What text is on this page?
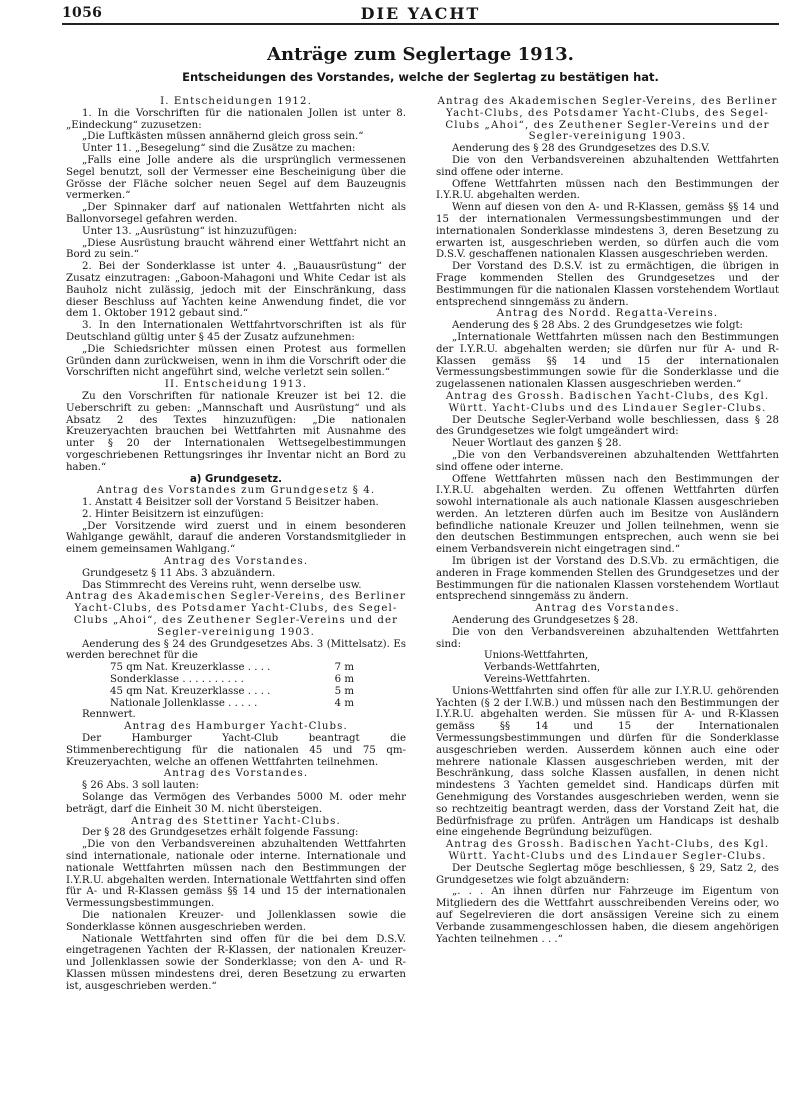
1056	DIE YACHT
Anträge zum Seglertage 1913.
Entscheidungen des Vorstandes, welche der Seglertag zu bestätigen hat.

I. Entscheidungen 1912.

1. In die Vorschriften für die nationalen Jollen ist unter 8. „Eindeckung“ zuzusetzen:

„Die Luftkästen müssen annähernd gleich gross sein.“

Unter 11. „Besegelung“ sind die Zusätze zu machen:

„Falls eine Jolle andere als die ursprünglich vermessenen Segel benutzt, soll der Vermesser eine Bescheinigung über die Grösse der Fläche solcher neuen Segel auf dem Bauzeugnis vermerken.“

„Der Spinnaker darf auf nationalen Wettfahrten nicht als Ballonvorsegel gefahren werden.

Unter 13. „Ausrüstung“ ist hinzuzufügen:

„Diese Ausrüstung braucht während einer Wettfahrt nicht an Bord zu sein.“

2. Bei der Sonderklasse ist unter 4. „Bauausrüstung“ der Zusatz einzutragen: „Gaboon-Mahagoni und White Cedar ist als Bauholz nicht zulässig, jedoch mit der Einschränkung, dass dieser Beschluss auf Yachten keine Anwendung findet, die vor dem 1. Oktober 1912 gebaut sind.“

3. In den Internationalen Wettfahrtvorschriften ist als für Deutschland gültig unter § 45 der Zusatz aufzunehmen:

„Die Schiedsrichter müssen einen Protest aus formellen Gründen dann zurückweisen, wenn in ihm die Vorschrift oder die Vorschriften nicht angeführt sind, welche verletzt sein sollen.“

II. Entscheidung 1913.

Zu den Vorschriften für nationale Kreuzer ist bei 12. die Ueberschrift zu geben: „Mannschaft und Ausrüstung“ und als Absatz 2 des Textes hinzuzufügen: „Die nationalen Kreuzeryachten brauchen bei Wettfahrten mit Ausnahme des unter § 20 der Internationalen Wettsegelbestimmungen vorgeschriebenen Rettungsringes ihr Inventar nicht an Bord zu haben.“

a) Grundgesetz.

Antrag des Vorstandes zum Grundgesetz § 4.

1. Anstatt 4 Beisitzer soll der Vorstand 5 Beisitzer haben.

2. Hinter Beisitzern ist einzufügen:

„Der Vorsitzende wird zuerst und in einem besonderen Wahlgange gewählt, darauf die anderen Vorstandsmitglieder in einem gemeinsamen Wahlgang.“

Antrag des Vorstandes.

Grundgesetz § 11 Abs. 3 abzuändern.

Das Stimmrecht des Vereins ruht, wenn derselbe usw.

Antrag des Akademischen Segler-Vereins, des Berliner Yacht-Clubs, des Potsdamer Yacht-Clubs, des Segel-Clubs „Ahoi“, des Zeuthener Segler-Vereins und der Segler-vereinigung 1903.

Aenderung des § 24 des Grundgesetzes Abs. 3 (Mittelsatz). Es werden berechnet für die

75 qm Nat. Kreuzerklasse . . . .	7 m
Sonderklasse . . . . . . . . . .	6 m
45 qm Nat. Kreuzerklasse . . . .	5 m
Nationale Jollenklasse . . . . .	4 m

Rennwert.

Antrag des Hamburger Yacht-Clubs.

Der Hamburger Yacht-Club beantragt die Stimmenberechtigung für die nationalen 45 und 75 qm-Kreuzeryachten, welche an offenen Wettfahrten teilnehmen.

Antrag des Vorstandes.

§ 26 Abs. 3 soll lauten:

Solange das Vermögen des Verbandes 5000 M. oder mehr beträgt, darf die Einheit 30 M. nicht übersteigen.

Antrag des Stettiner Yacht-Clubs.

Der § 28 des Grundgesetzes erhält folgende Fassung:

„Die von den Verbandsvereinen abzuhaltenden Wettfahrten sind internationale, nationale oder interne. Internationale und nationale Wettfahrten müssen nach den Bestimmungen der I.Y.R.U. abgehalten werden. Internationale Wettfahrten sind offen für A- und R-Klassen gemäss §§ 14 und 15 der internationalen Vermessungsbestimmungen.

Die nationalen Kreuzer- und Jollenklassen sowie die Sonderklasse können ausgeschrieben werden.

Nationale Wettfahrten sind offen für die bei dem D.S.V. eingetragenen Yachten der R-Klassen, der nationalen Kreuzer- und Jollenklassen sowie der Sonderklasse; von den A- und R-Klassen müssen mindestens drei, deren Besetzung zu erwarten ist, ausgeschrieben werden.“

Antrag des Akademischen Segler-Vereins, des Berliner Yacht-Clubs, des Potsdamer Yacht-Clubs, des Segel-Clubs „Ahoi“, des Zeuthener Segler-Vereins und der Segler-vereinigung 1903.

Aenderung des § 28 des Grundgesetzes des D.S.V.

Die von den Verbandsvereinen abzuhaltenden Wettfahrten sind offene oder interne.

Offene Wettfahrten müssen nach den Bestimmungen der I.Y.R.U. abgehalten werden.

Wenn auf diesen von den A- und R-Klassen, gemäss §§ 14 und 15 der internationalen Vermessungsbestimmungen und der internationalen Sonderklasse mindestens 3, deren Besetzung zu erwarten ist, ausgeschrieben werden, so dürfen auch die vom D.S.V. geschaffenen nationalen Klassen ausgeschrieben werden.

Der Vorstand des D.S.V. ist zu ermächtigen, die übrigen in Frage kommenden Stellen des Grundgesetzes und der Bestimmungen für die nationalen Klassen vorstehendem Wortlaut entsprechend sinngemäss zu ändern.

Antrag des Nordd. Regatta-Vereins.

Aenderung des § 28 Abs. 2 des Grundgesetzes wie folgt:

„Internationale Wettfahrten müssen nach den Bestimmungen der I.Y.R.U. abgehalten werden; sie dürfen nur für A- und R-Klassen gemäss §§ 14 und 15 der internationalen Vermessungsbestimmungen sowie für die Sonderklasse und die zugelassenen nationalen Klassen ausgeschrieben werden.“

Antrag des Grossh. Badischen Yacht-Clubs, des Kgl. Württ. Yacht-Clubs und des Lindauer Segler-Clubs.

Der Deutsche Segler-Verband wolle beschliessen, dass § 28 des Grundgesetzes wie folgt umgeändert wird:

Neuer Wortlaut des ganzen § 28.

„Die von den Verbandsvereinen abzuhaltenden Wettfahrten sind offene oder interne.

Offene Wettfahrten müssen nach den Bestimmungen der I.Y.R.U. abgehalten werden. Zu offenen Wettfahrten dürfen sowohl internationale als auch nationale Klassen ausgeschrieben werden. An letzteren dürfen auch im Besitze von Ausländern befindliche nationale Kreuzer und Jollen teilnehmen, wenn sie den deutschen Bestimmungen entsprechen, auch wenn sie bei einem Verbandsverein nicht eingetragen sind.“

Im übrigen ist der Vorstand des D.S.Vb. zu ermächtigen, die anderen in Frage kommenden Stellen des Grundgesetzes und der Bestimmungen für die nationalen Klassen vorstehendem Wortlaut entsprechend sinngemäss zu ändern.

Antrag des Vorstandes.

Aenderung des Grundgesetzes § 28.

Die von den Verbandsvereinen abzuhaltenden Wettfahrten sind:

Unions-Wettfahrten,

Verbands-Wettfahrten,

Vereins-Wettfahrten.

Unions-Wettfahrten sind offen für alle zur I.Y.R.U. gehörenden Yachten (§ 2 der I.W.B.) und müssen nach den Bestimmungen der I.Y.R.U. abgehalten werden. Sie müssen für A- und R-Klassen gemäss §§ 14 und 15 der Internationalen Vermessungsbestimmungen und dürfen für die Sonderklasse ausgeschrieben werden. Ausserdem können auch eine oder mehrere nationale Klassen ausgeschrieben werden, mit der Beschränkung, dass solche Klassen ausfallen, in denen nicht mindestens 3 Yachten gemeldet sind. Handicaps dürfen mit Genehmigung des Vorstandes ausgeschrieben werden, wenn sie so rechtzeitig beantragt werden, dass der Vorstand Zeit hat, die Bedürfnisfrage zu prüfen. Anträgen um Handicaps ist deshalb eine eingehende Begründung beizufügen.

Antrag des Grossh. Badischen Yacht-Clubs, des Kgl. Württ. Yacht-Clubs und des Lindauer Segler-Clubs.

Der Deutsche Seglertag möge beschliessen, § 29, Satz 2, des Grundgesetzes wie folgt abzuändern:

„. . . An ihnen dürfen nur Fahrzeuge im Eigentum von Mitgliedern des die Wettfahrt ausschreibenden Vereins oder, wo auf Segelrevieren die dort ansässigen Vereine sich zu einem Verbande zusammengeschlossen haben, die diesem angehörigen Yachten teilnehmen . . .“
